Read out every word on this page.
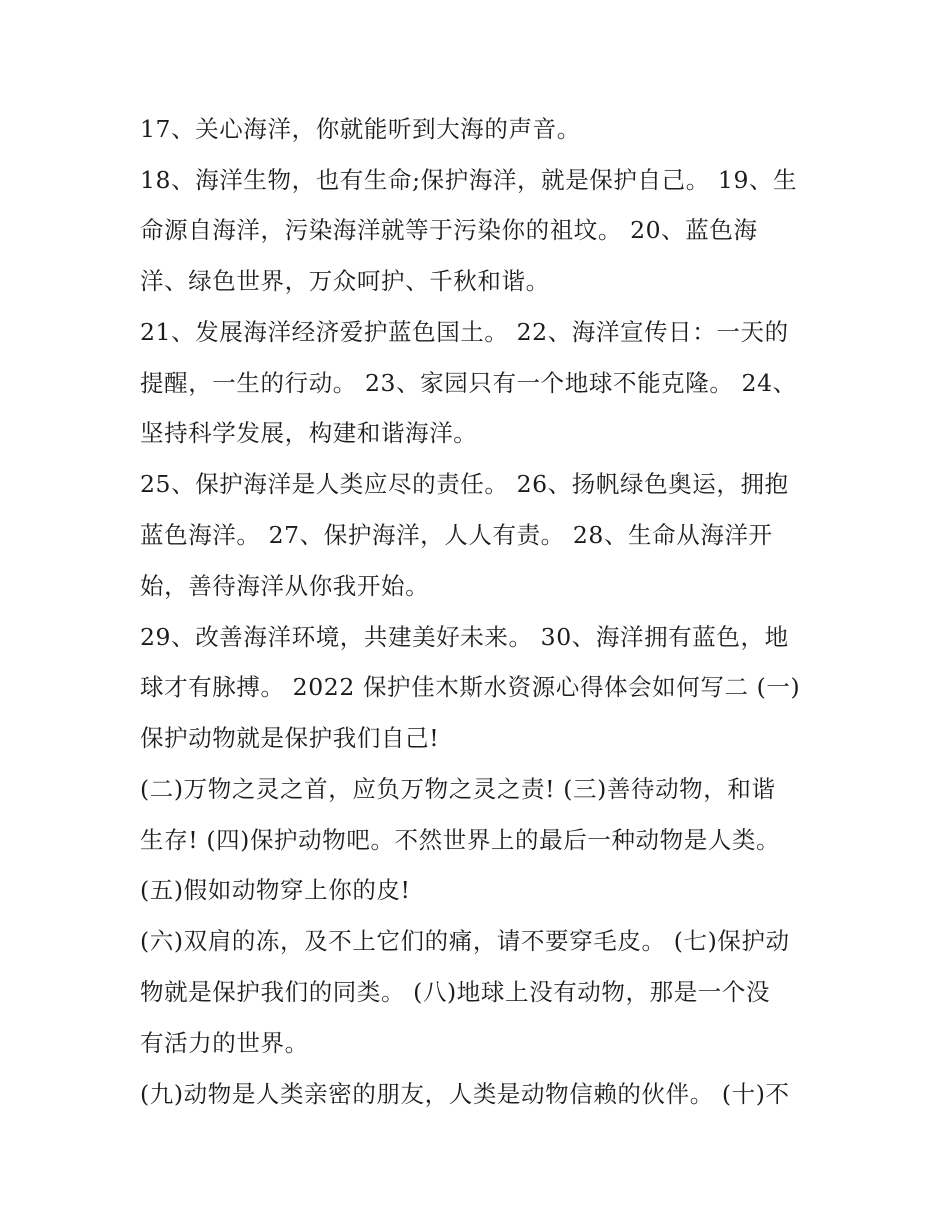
17、关心海洋，你就能听到大海的声音。
18、海洋生物，也有生命;保护海洋，就是保护自己。 19、生
命源自海洋，污染海洋就等于污染你的祖坟。 20、蓝色海
洋、绿色世界，万众呵护、千秋和谐。
21、发展海洋经济爱护蓝色国土。 22、海洋宣传日：一天的
提醒，一生的行动。 23、家园只有一个地球不能克隆。 24、
坚持科学发展，构建和谐海洋。
25、保护海洋是人类应尽的责任。 26、扬帆绿色奥运，拥抱
蓝色海洋。 27、保护海洋，人人有责。 28、生命从海洋开
始，善待海洋从你我开始。
29、改善海洋环境，共建美好未来。 30、海洋拥有蓝色，地
球才有脉搏。 2022 保护佳木斯水资源心得体会如何写二 (一)
保护动物就是保护我们自己!
(二)万物之灵之首，应负万物之灵之责! (三)善待动物，和谐
生存! (四)保护动物吧。不然世界上的最后一种动物是人类。
(五)假如动物穿上你的皮!
(六)双肩的冻，及不上它们的痛，请不要穿毛皮。 (七)保护动
物就是保护我们的同类。 (八)地球上没有动物，那是一个没
有活力的世界。
(九)动物是人类亲密的朋友，人类是动物信赖的伙伴。 (十)不
